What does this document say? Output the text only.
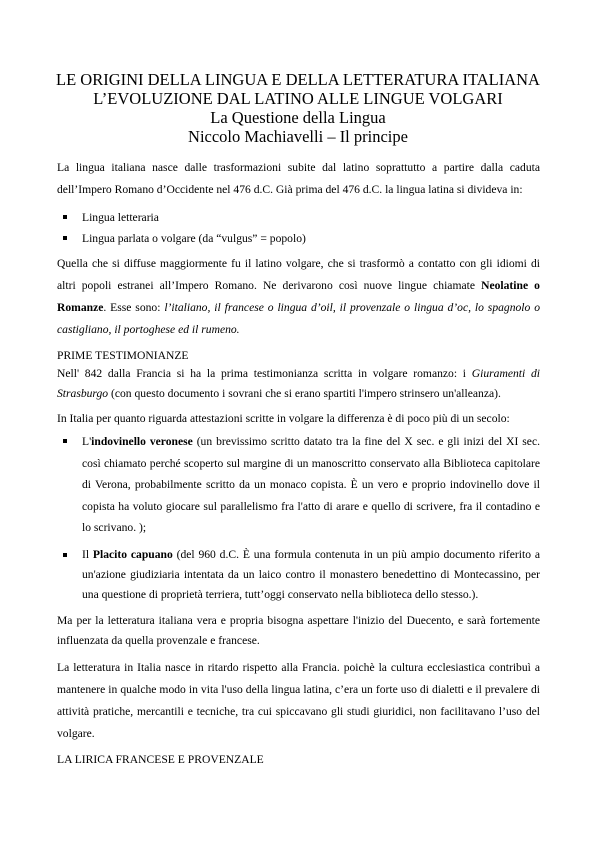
LE ORIGINI DELLA LINGUA E DELLA LETTERATURA ITALIANA
L’EVOLUZIONE DAL LATINO ALLE LINGUE VOLGARI
La Questione della Lingua
Niccolo Machiavelli – Il principe

La lingua italiana nasce dalle trasformazioni subite dal latino soprattutto a partire dalla caduta dell’Impero Romano d’Occidente nel 476 d.C. Già prima del 476 d.C. la lingua latina si divideva in:

Lingua letteraria
Lingua parlata o volgare (da “vulgus” = popolo)

Quella che si diffuse maggiormente fu il latino volgare, che si trasformò a contatto con gli idiomi di altri popoli estranei all’Impero Romano. Ne derivarono così nuove lingue chiamate Neolatine o Romanze. Esse sono: l’italiano, il francese o lingua d’oil, il provenzale o lingua d’oc, lo spagnolo o castigliano, il portoghese ed il rumeno.

PRIME TESTIMONIANZE

Nell' 842 dalla Francia si ha la prima testimonianza scritta in volgare romanzo: i Giuramenti di Strasburgo (con questo documento i sovrani che si erano spartiti l'impero strinsero un'alleanza).

In Italia per quanto riguarda attestazioni scritte in volgare la differenza è di poco più di un secolo:

L'indovinello veronese (un brevissimo scritto datato tra la fine del X sec. e gli inizi del XI sec. così chiamato perché scoperto sul margine di un manoscritto conservato alla Biblioteca capitolare di Verona, probabilmente scritto da un monaco copista. È un vero e proprio indovinello dove il copista ha voluto giocare sul parallelismo fra l'atto di arare e quello di scrivere, fra il contadino e lo scrivano. );
Il Placito capuano (del 960 d.C. È una formula contenuta in un più ampio documento riferito a un'azione giudiziaria intentata da un laico contro il monastero benedettino di Montecassino, per una questione di proprietà terriera, tutt’oggi conservato nella biblioteca dello stesso.).

Ma per la letteratura italiana vera e propria bisogna aspettare l'inizio del Duecento, e sarà fortemente influenzata da quella provenzale e francese.

La letteratura in Italia nasce in ritardo rispetto alla Francia. poichè la cultura ecclesiastica contribuì a mantenere in qualche modo in vita l'uso della lingua latina, c’era un forte uso di dialetti e il prevalere di attività pratiche, mercantili e tecniche, tra cui spiccavano gli studi giuridici, non facilitavano l’uso del volgare.

LA LIRICA FRANCESE E PROVENZALE
